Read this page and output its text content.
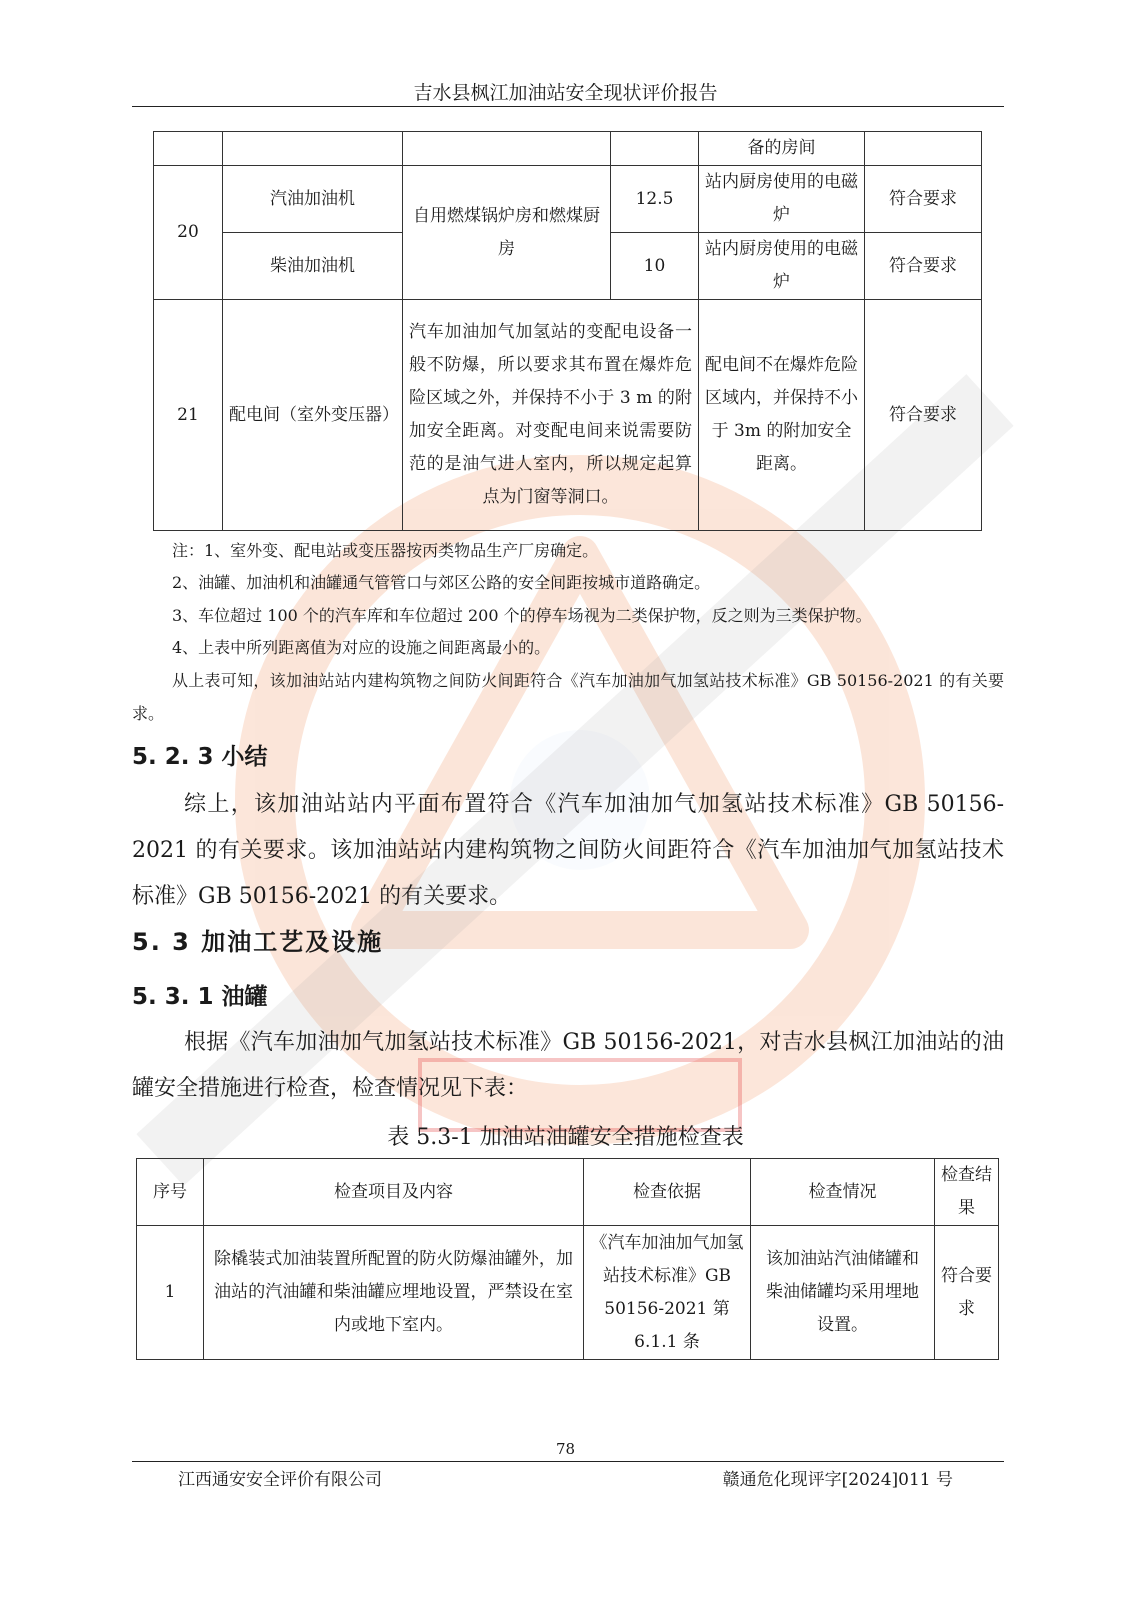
吉水县枫江加油站安全现状评价报告
				备的房间	
20	汽油加油机	自用燃煤锅炉房和燃煤厨房	12.5	站内厨房使用的电磁炉	符合要求
	柴油加油机		10	站内厨房使用的电磁炉	符合要求
21	配电间（室外变压器）	汽车加油加气加氢站的变配电设备一般不防爆，所以要求其布置在爆炸危险区域之外，并保持不小于 3 m 的附加安全距离。对变配电间来说需要防范的是油气进人室内，所以规定起算点为门窗等洞口。		配电间不在爆炸危险区域内，并保持不小于 3m 的附加安全距离。	符合要求
注：1、室外变、配电站或变压器按丙类物品生产厂房确定。
2、油罐、加油机和油罐通气管管口与郊区公路的安全间距按城市道路确定。
3、车位超过 100 个的汽车库和车位超过 200 个的停车场视为二类保护物，反之则为三类保护物。
4、上表中所列距离值为对应的设施之间距离最小的。
从上表可知，该加油站站内建构筑物之间防火间距符合《汽车加油加气加氢站技术标准》GB 50156-2021 的有关要求。
5. 2. 3 小结
综上，该加油站站内平面布置符合《汽车加油加气加氢站技术标准》GB 50156-2021 的有关要求。该加油站站内建构筑物之间防火间距符合《汽车加油加气加氢站技术标准》GB 50156-2021 的有关要求。
5. 3 加油工艺及设施
5. 3. 1 油罐
根据《汽车加油加气加氢站技术标准》GB 50156-2021，对吉水县枫江加油站的油罐安全措施进行检查，检查情况见下表：
表 5.3-1 加油站油罐安全措施检查表
序号	检查项目及内容	检查依据	检查情况	检查结果
1	除橇装式加油装置所配置的防火防爆油罐外，加油站的汽油罐和柴油罐应埋地设置，严禁设在室内或地下室内。	《汽车加油加气加氢站技术标准》GB 50156-2021 第 6.1.1 条	该加油站汽油储罐和柴油储罐均采用埋地设置。	符合要求
78
江西通安安全评价有限公司	赣通危化现评字[2024]011 号
